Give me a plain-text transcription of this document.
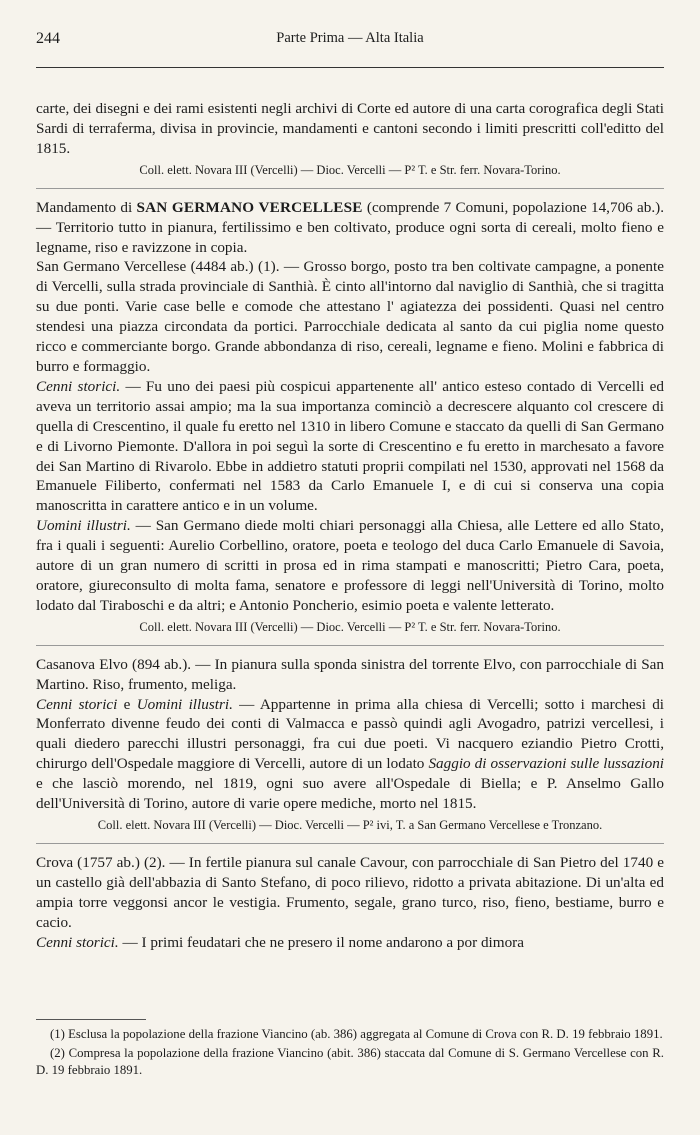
244	Parte Prima — Alta Italia

carte, dei disegni e dei rami esistenti negli archivi di Corte ed autore di una carta corografica degli Stati Sardi di terraferma, divisa in provincie, mandamenti e cantoni secondo i limiti prescritti coll'editto del 1815.

Coll. elett. Novara III (Vercelli) — Dioc. Vercelli — P² T. e Str. ferr. Novara-Torino.

Mandamento di SAN GERMANO VERCELLESE (comprende 7 Comuni, popolazione 14,706 ab.). — Territorio tutto in pianura, fertilissimo e ben coltivato, produce ogni sorta di cereali, molto fieno e legname, riso e ravizzone in copia.

San Germano Vercellese (4484 ab.) (1). — Grosso borgo, posto tra ben coltivate campagne, a ponente di Vercelli, sulla strada provinciale di Santhià. È cinto all'intorno dal naviglio di Santhià, che si tragitta su due ponti. Varie case belle e comode che attestano l' agiatezza dei possidenti. Quasi nel centro stendesi una piazza circondata da portici. Parrocchiale dedicata al santo da cui piglia nome questo ricco e commerciante borgo. Grande abbondanza di riso, cereali, legname e fieno. Molini e fabbrica di burro e formaggio.

Cenni storici. — Fu uno dei paesi più cospicui appartenente all' antico esteso contado di Vercelli ed aveva un territorio assai ampio; ma la sua importanza cominciò a decrescere alquanto col crescere di quella di Crescentino, il quale fu eretto nel 1310 in libero Comune e staccato da quelli di San Germano e di Livorno Piemonte. D'allora in poi seguì la sorte di Crescentino e fu eretto in marchesato a favore dei San Martino di Rivarolo. Ebbe in addietro statuti proprii compilati nel 1530, approvati nel 1568 da Emanuele Filiberto, confermati nel 1583 da Carlo Emanuele I, e di cui si conserva una copia manoscritta in carattere antico e in un volume.

Uomini illustri. — San Germano diede molti chiari personaggi alla Chiesa, alle Lettere ed allo Stato, fra i quali i seguenti: Aurelio Corbellino, oratore, poeta e teologo del duca Carlo Emanuele di Savoia, autore di un gran numero di scritti in prosa ed in rima stampati e manoscritti; Pietro Cara, poeta, oratore, giureconsulto di molta fama, senatore e professore di leggi nell'Università di Torino, molto lodato dal Tiraboschi e da altri; e Antonio Poncherio, esimio poeta e valente letterato.

Coll. elett. Novara III (Vercelli) — Dioc. Vercelli — P² T. e Str. ferr. Novara-Torino.

Casanova Elvo (894 ab.). — In pianura sulla sponda sinistra del torrente Elvo, con parrocchiale di San Martino. Riso, frumento, meliga.

Cenni storici e Uomini illustri. — Appartenne in prima alla chiesa di Vercelli; sotto i marchesi di Monferrato divenne feudo dei conti di Valmacca e passò quindi agli Avogadro, patrizi vercellesi, i quali diedero parecchi illustri personaggi, fra cui due poeti. Vi nacquero eziandio Pietro Crotti, chirurgo dell'Ospedale maggiore di Vercelli, autore di un lodato Saggio di osservazioni sulle lussazioni e che lasciò morendo, nel 1819, ogni suo avere all'Ospedale di Biella; e P. Anselmo Gallo dell'Università di Torino, autore di varie opere mediche, morto nel 1815.

Coll. elett. Novara III (Vercelli) — Dioc. Vercelli — P² ivi, T. a San Germano Vercellese e Tronzano.

Crova (1757 ab.) (2). — In fertile pianura sul canale Cavour, con parrocchiale di San Pietro del 1740 e un castello già dell'abbazia di Santo Stefano, di poco rilievo, ridotto a privata abitazione. Di un'alta ed ampia torre veggonsi ancor le vestigia. Frumento, segale, grano turco, riso, fieno, bestiame, burro e cacio.

Cenni storici. — I primi feudatari che ne presero il nome andarono a por dimora

(1) Esclusa la popolazione della frazione Viancino (ab. 386) aggregata al Comune di Crova con R. D. 19 febbraio 1891.

(2) Compresa la popolazione della frazione Viancino (abit. 386) staccata dal Comune di S. Germano Vercellese con R. D. 19 febbraio 1891.
